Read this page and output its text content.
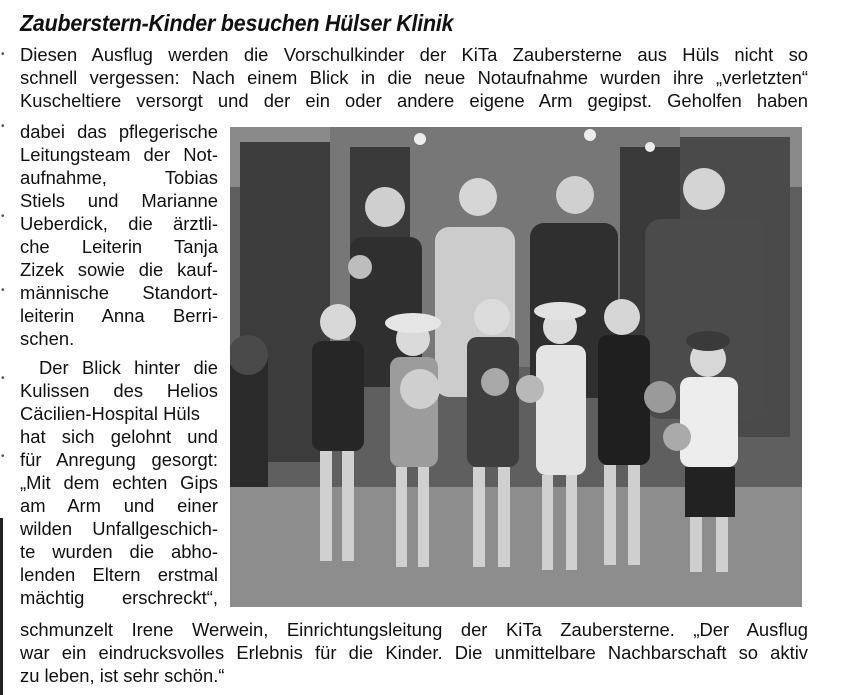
Zauberstern-Kinder besuchen Hülser Klinik
Diesen Ausflug werden die Vorschulkinder der KiTa Zaubersterne aus Hüls nicht so
schnell vergessen: Nach einem Blick in die neue Notaufnahme wurden ihre „verletzten“
Kuscheltiere versorgt und der ein oder andere eigene Arm gegipst. Geholfen haben
dabei das pflegerische
Leitungsteam der Not-
aufnahme, Tobias
Stiels und Marianne
Ueberdick, die ärztli-
che Leiterin Tanja
Zizek sowie die kauf-
männische Standort-
leiterin Anna Berri-
schen.
Der Blick hinter die
Kulissen des Helios
Cäcilien-Hospital Hüls
hat sich gelohnt und
für Anregung gesorgt:
„Mit dem echten Gips
am Arm und einer
wilden Unfallgeschich-
te wurden die abho-
lenden Eltern erstmal
mächtig erschreckt“,
schmunzelt Irene Werwein, Einrichtungsleitung der KiTa Zaubersterne. „Der Ausflug
war ein eindrucksvolles Erlebnis für die Kinder. Die unmittelbare Nachbarschaft so aktiv
zu leben, ist sehr schön.“
•
•
•
•
•
•
